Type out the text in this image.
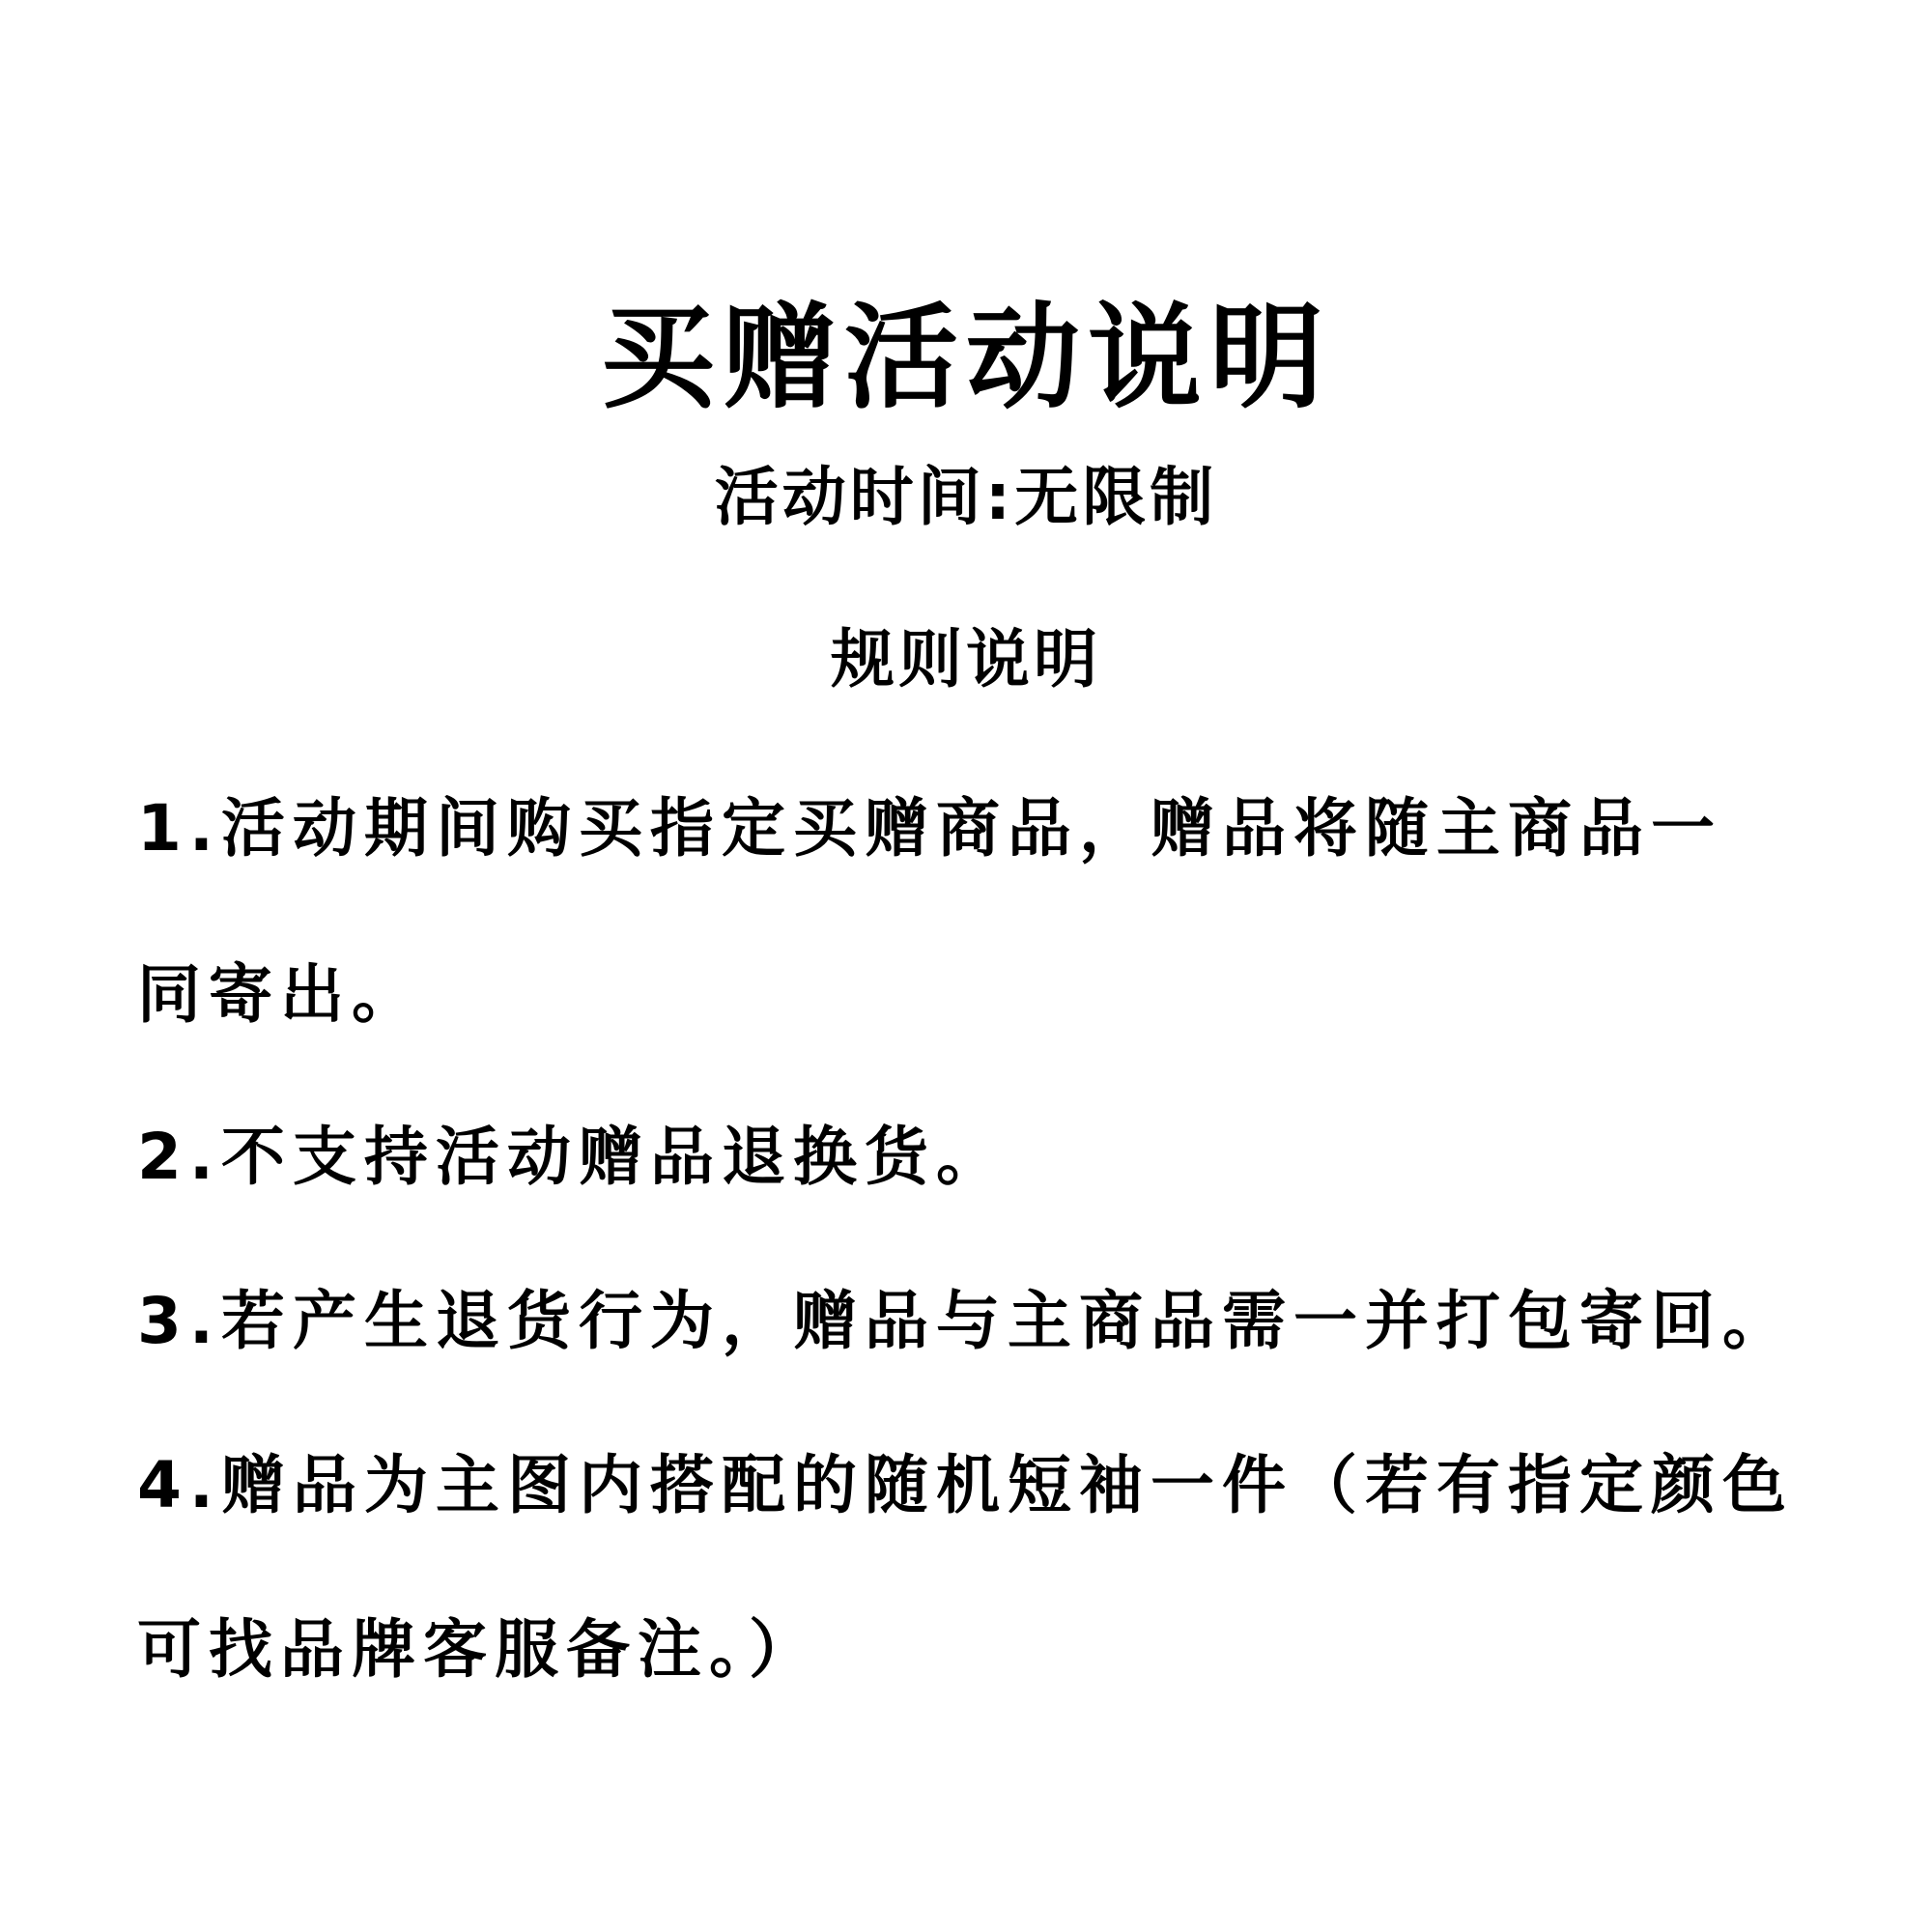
买赠活动说明
活动时间:无限制
规则说明
1.活动期间购买指定买赠商品，赠品将随主商品一
同寄出。
2.不支持活动赠品退换货。
3.若产生退货行为，赠品与主商品需一并打包寄回。
4.赠品为主图内搭配的随机短袖一件（若有指定颜色
可找品牌客服备注。）
